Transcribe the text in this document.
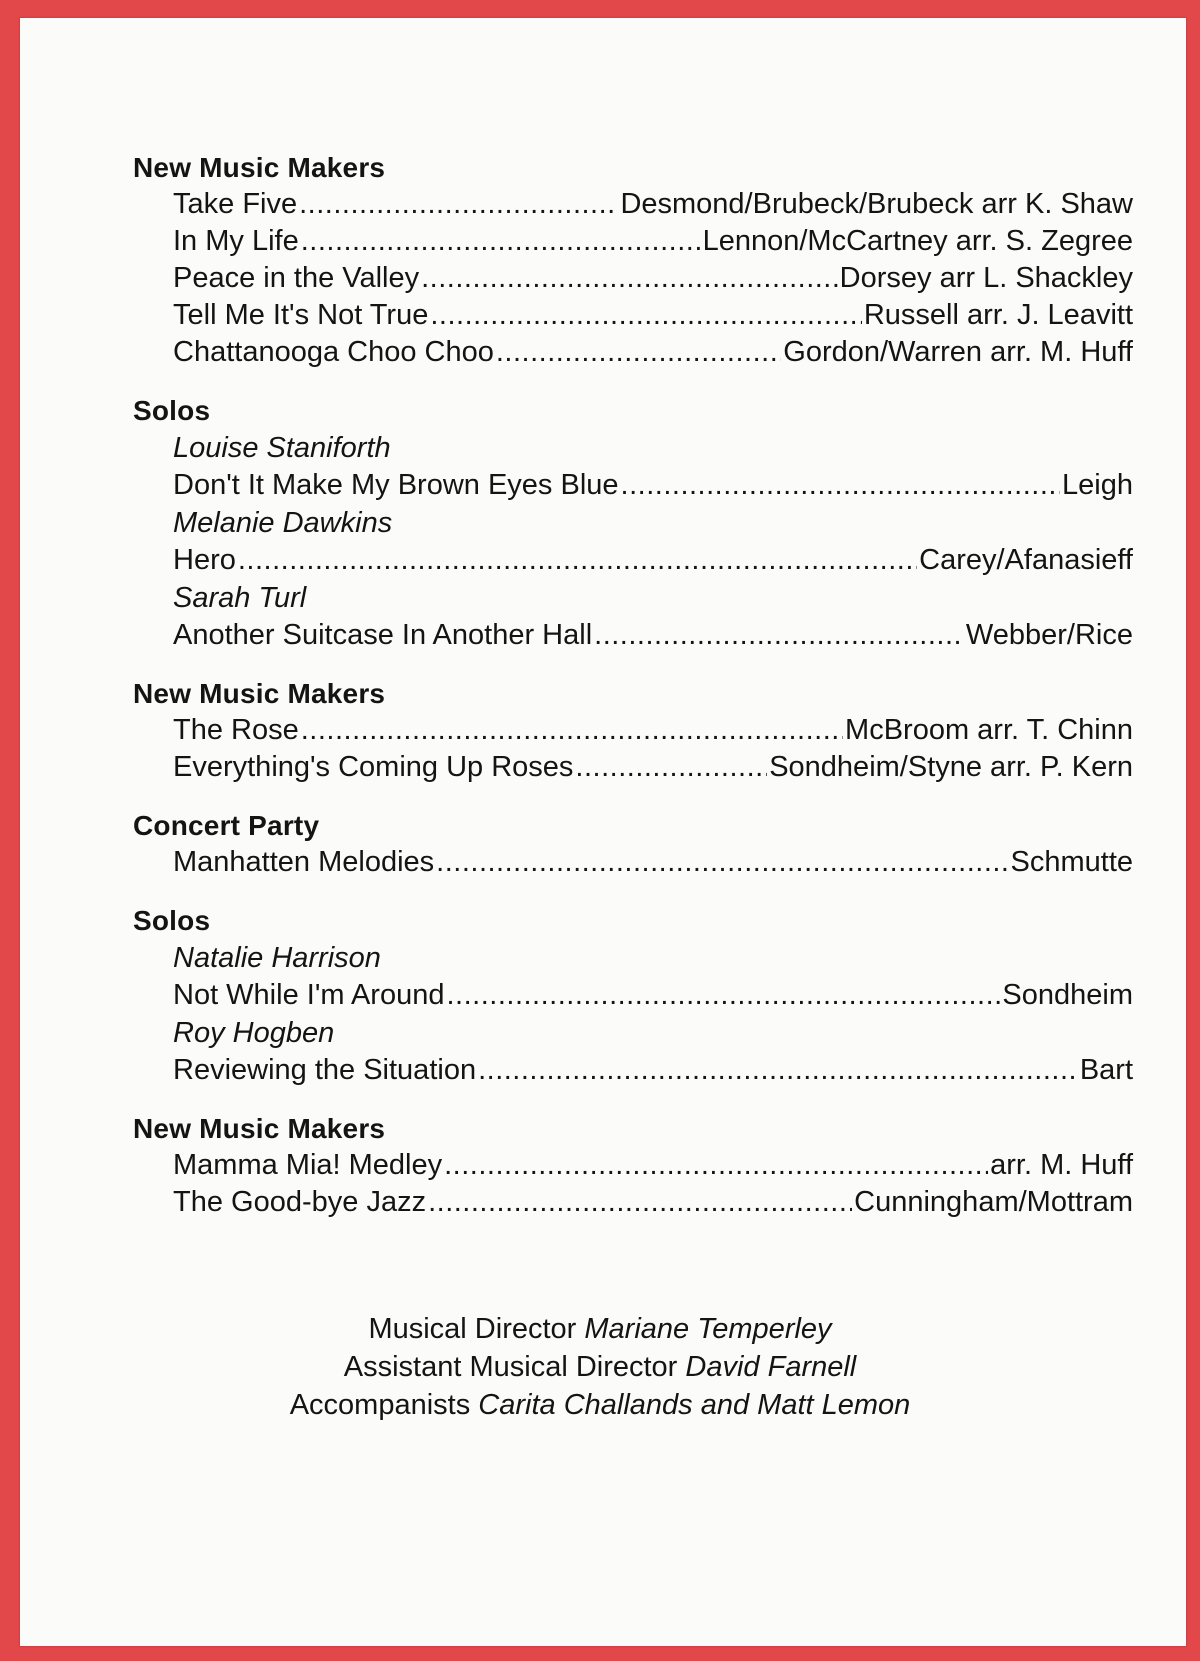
New Music Makers
Take Five .....	Desmond/Brubeck/Brubeck arr K. Shaw
In My Life .....	Lennon/McCartney arr. S. Zegree
Peace in the Valley .....	Dorsey arr L. Shackley
Tell Me It's Not True .....	Russell arr. J. Leavitt
Chattanooga Choo Choo .....	Gordon/Warren arr. M. Huff
Solos
Louise Staniforth
Don't It Make My Brown Eyes Blue .....	Leigh
Melanie Dawkins
Hero .....	Carey/Afanasieff
Sarah Turl
Another Suitcase In Another Hall .....	Webber/Rice
New Music Makers
The Rose .....	McBroom arr. T. Chinn
Everything's Coming Up Roses .....	Sondheim/Styne arr. P. Kern
Concert Party
Manhatten Melodies .....	Schmutte
Solos
Natalie Harrison
Not While I'm Around .....	Sondheim
Roy Hogben
Reviewing the Situation .....	Bart
New Music Makers
Mamma Mia! Medley .....	arr. M. Huff
The Good-bye Jazz .....	Cunningham/Mottram
Musical Director Mariane Temperley
Assistant Musical Director David Farnell
Accompanists Carita Challands and Matt Lemon
